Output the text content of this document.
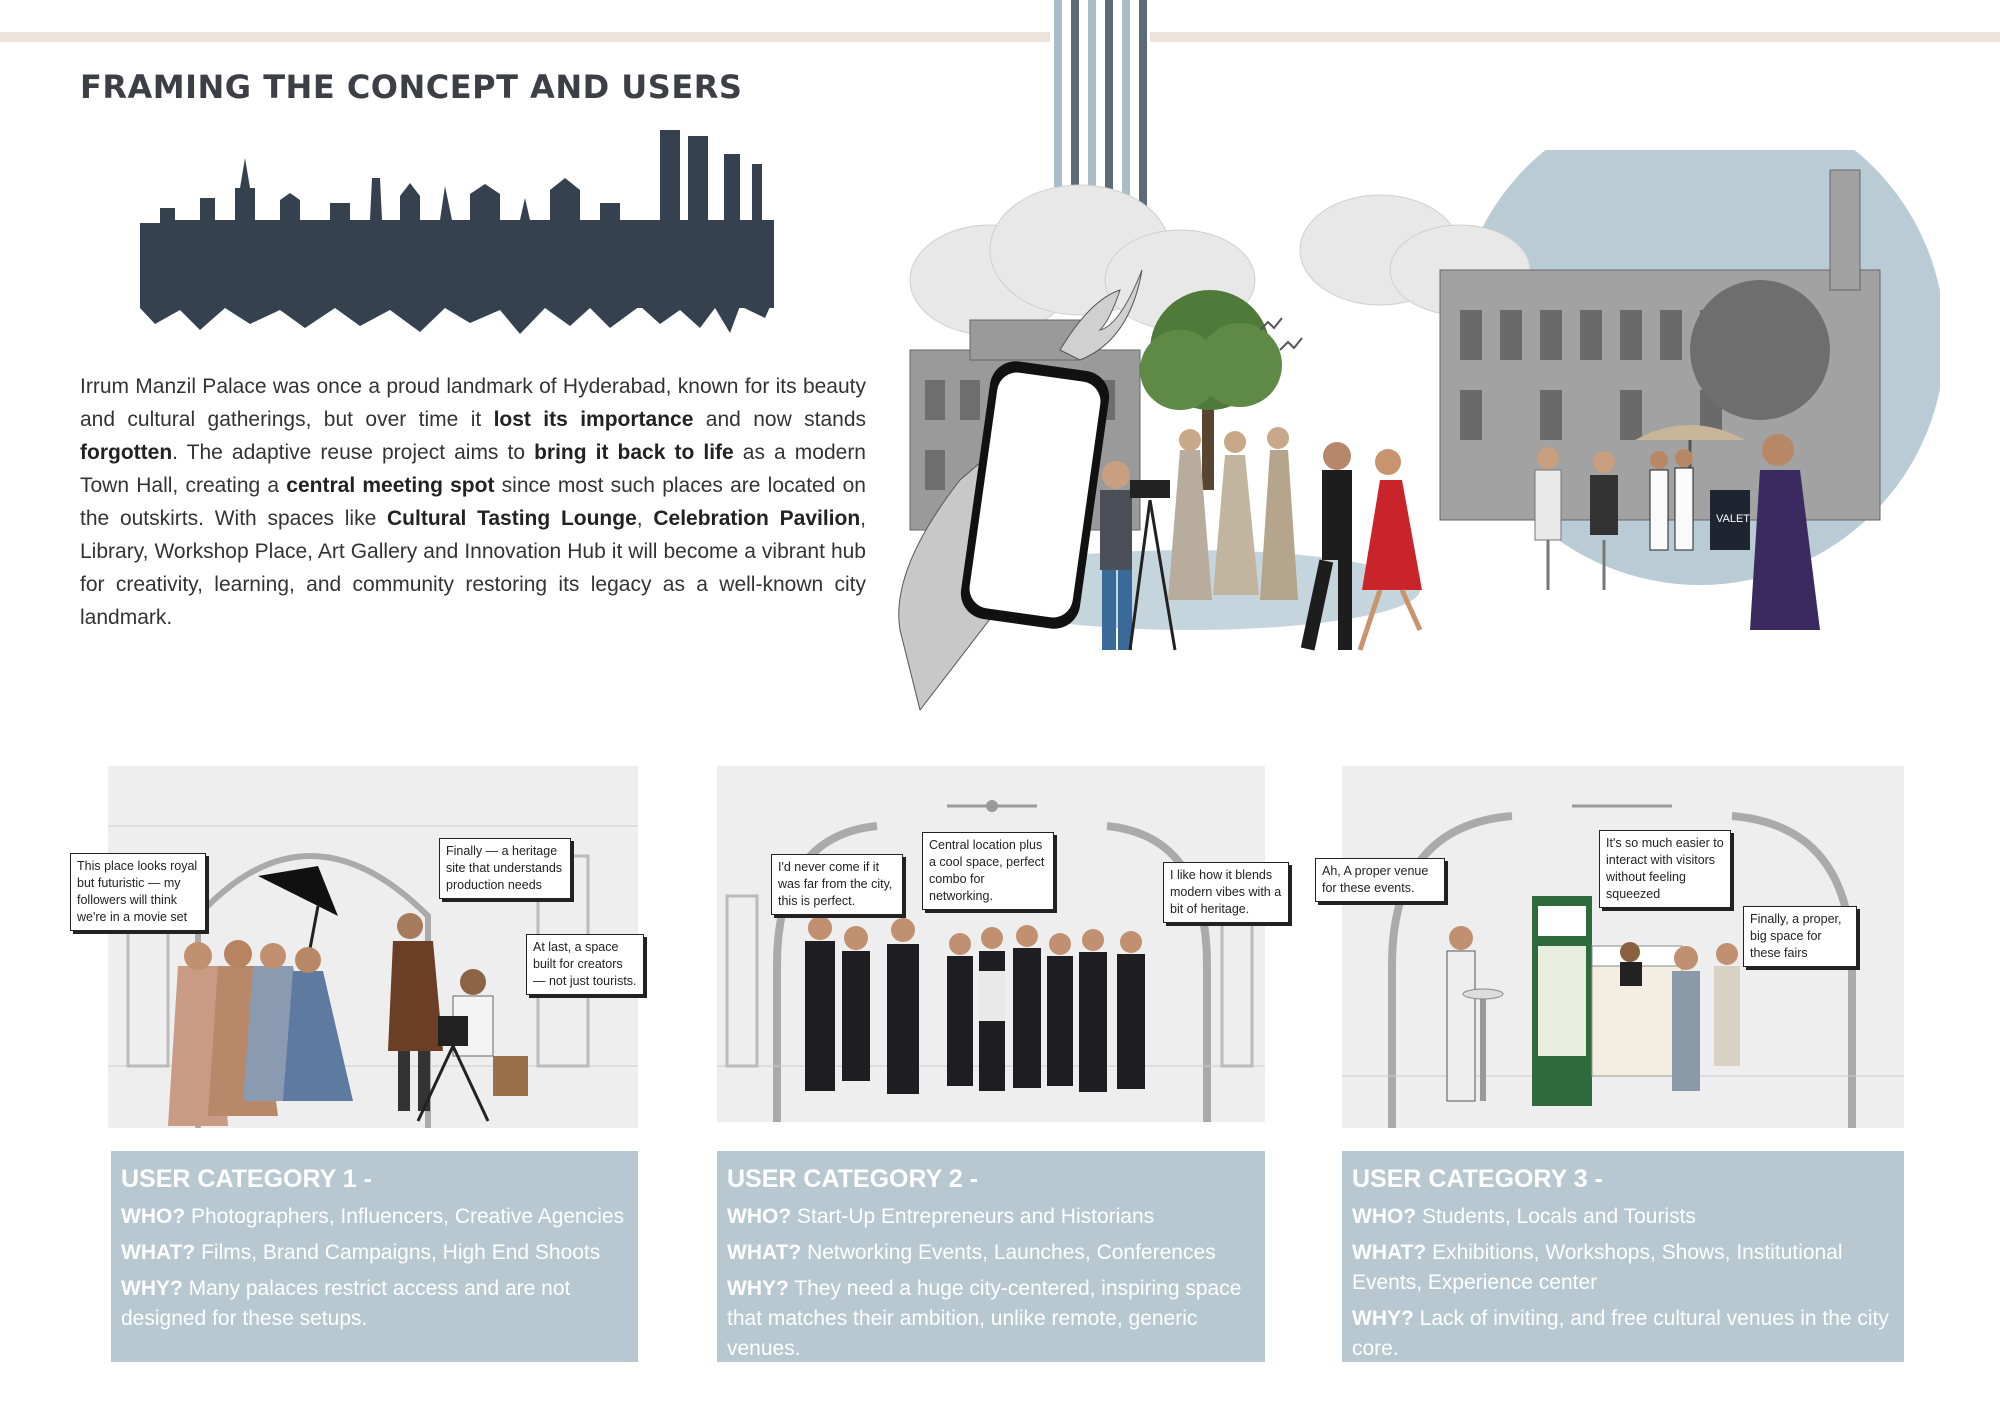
FRAMING THE CONCEPT AND USERS

Irrum Manzil Palace was once a proud landmark of Hyderabad, known for its beauty and cultural gatherings, but over time it lost its importance and now stands forgotten. The adaptive reuse project aims to bring it back to life as a modern Town Hall, creating a central meeting spot since most such places are located on the outskirts. With spaces like Cultural Tasting Lounge, Celebration Pavilion, Library, Workshop Place, Art Gallery and Innovation Hub it will become a vibrant hub for creativity, learning, and community restoring its legacy as a well-known city landmark.

VALET
This place looks royal but futuristic — my followers will think we're in a movie set
Finally — a heritage site that understands production needs
At last, a space built for creators — not just tourists.
I'd never come if it was far from the city, this is perfect.
Central location plus a cool space, perfect combo for networking.
I like how it blends modern vibes with a bit of heritage.
Ah, A proper venue for these events.
It's so much easier to interact with visitors without feeling squeezed
Finally, a proper, big space for these fairs
USER CATEGORY 1 -

WHO? Photographers, Influencers, Creative Agencies

WHAT? Films, Brand Campaigns, High End Shoots

WHY? Many palaces restrict access and are not designed for these setups.

USER CATEGORY 2 -

WHO? Start-Up Entrepreneurs and Historians

WHAT? Networking Events, Launches, Conferences

WHY? They need a huge city-centered, inspiring space that matches their ambition, unlike remote, generic venues.

USER CATEGORY 3 -

WHO? Students, Locals and Tourists

WHAT? Exhibitions, Workshops, Shows, Institutional Events, Experience center

WHY? Lack of inviting, and free cultural venues in the city core.
